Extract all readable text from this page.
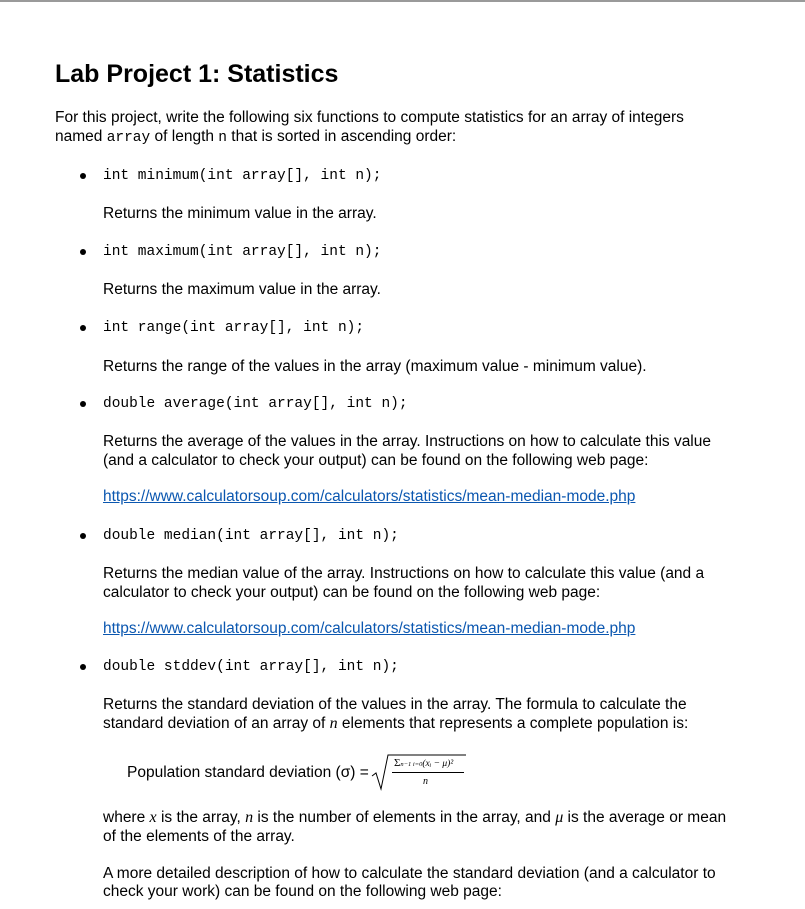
Lab Project 1: Statistics
For this project, write the following six functions to compute statistics for an array of integers
named array of length n that is sorted in ascending order:
int minimum(int array[], int n);
Returns the minimum value in the array.
int maximum(int array[], int n);
Returns the maximum value in the array.
int range(int array[], int n);
Returns the range of the values in the array (maximum value - minimum value).
double average(int array[], int n);
Returns the average of the values in the array. Instructions on how to calculate this value
(and a calculator to check your output) can be found on the following web page:
https://www.calculatorsoup.com/calculators/statistics/mean-median-mode.php
double median(int array[], int n);
Returns the median value of the array. Instructions on how to calculate this value (and a
calculator to check your output) can be found on the following web page:
https://www.calculatorsoup.com/calculators/statistics/mean-median-mode.php
double stddev(int array[], int n);
Returns the standard deviation of the values in the array. The formula to calculate the
standard deviation of an array of n elements that represents a complete population is:
Population standard deviation (σ) =
Σn−1 i=0(xᵢ − μ)²
n
where x is the array, n is the number of elements in the array, and μ is the average or mean
of the elements of the array.
A more detailed description of how to calculate the standard deviation (and a calculator to
check your work) can be found on the following web page:
